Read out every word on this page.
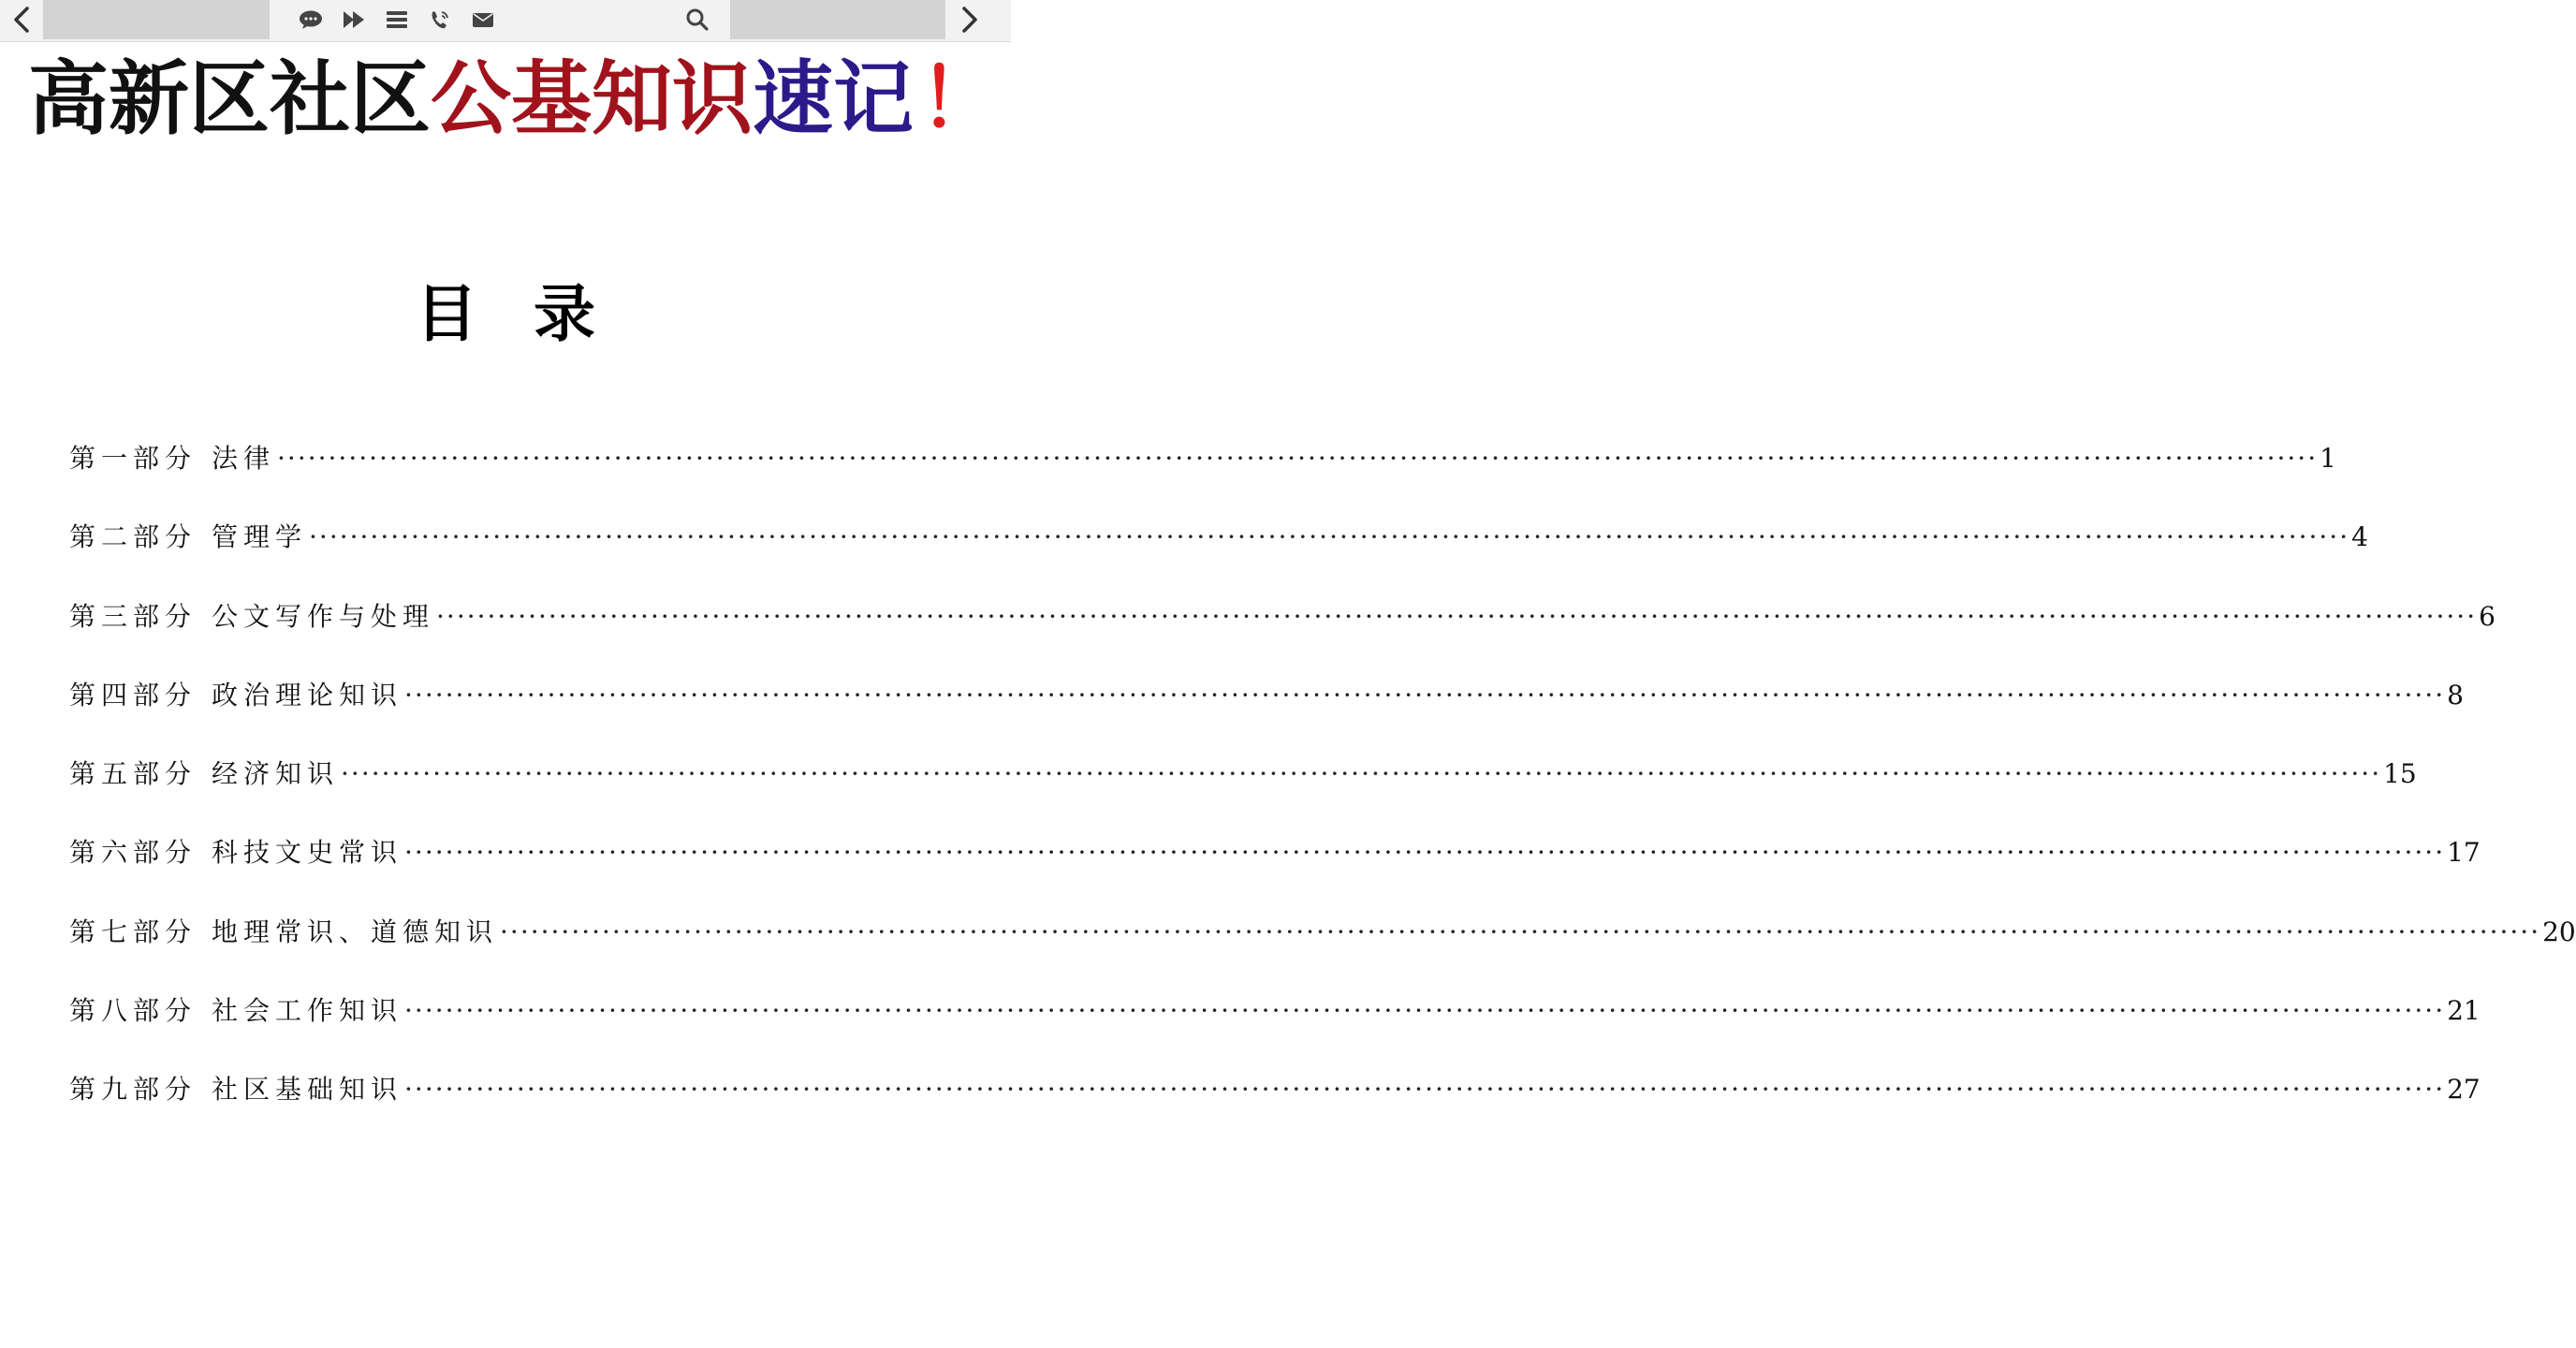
高新区社区 公基知识 速记 ！
目录
第一部分 法律 ········································································································································································································ 1
第二部分 管理学 ········································································································································································································ 4
第三部分 公文写作与处理 ········································································································································································································ 6
第四部分 政治理论知识 ········································································································································································································ 8
第五部分 经济知识 ········································································································································································································ 15
第六部分 科技文史常识 ········································································································································································································ 17
第七部分 地理常识、道德知识 ········································································································································································································ 20
第八部分 社会工作知识 ········································································································································································································ 21
第九部分 社区基础知识 ········································································································································································································ 27
